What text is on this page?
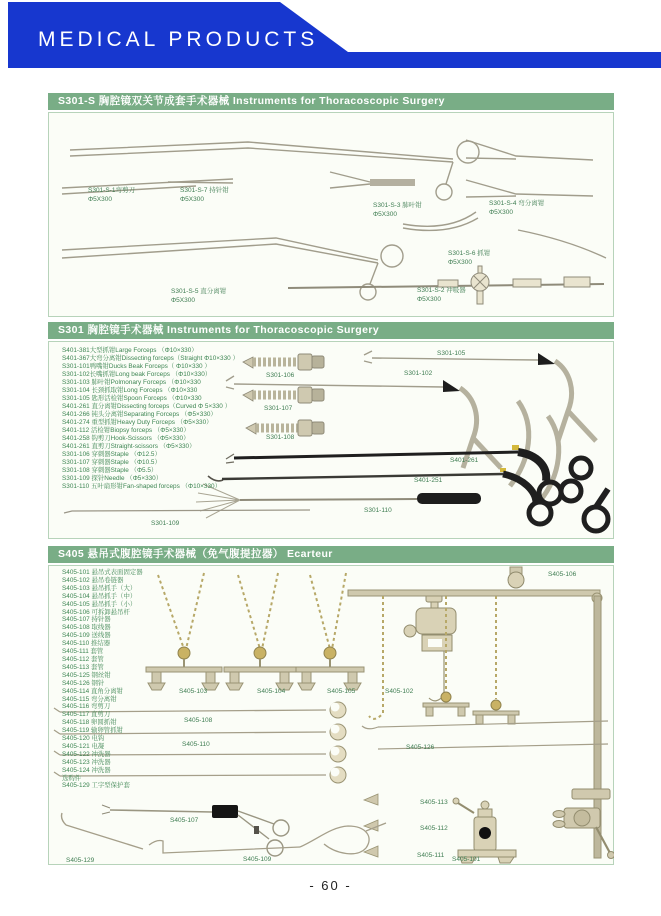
MEDICAL PRODUCTS
S301-S 胸腔镜双关节成套手术器械 Instruments for Thoracoscopic Surgery
S301-S-1弯剪刀
Φ5X300
S301-S-7 持针钳
Φ5X300
S301-S-3 肺叶钳
Φ5X300
S301-S-4 弯分离钳
Φ5X300
S301-S-5 直分离钳
Φ5X300
S301-S-6 抓钳
Φ5X300
S301-S-2 冲吸器
Φ5X300
S301 胸腔镜手术器械 Instruments for Thoracoscopic Surgery
S401-381大型抓钳Large Forceps （Φ10×330）
S401-367大弯分离钳Dissecting forceps（Straight Φ10×330 ）
S301-101鸭嘴钳Ducks Beak Forceps（ Φ10×330 ）
S301-102长嘴抓钳Long beak Forceps （Φ10×330）
S301-103 肺叶钳Polmonary Forceps （Φ10×330
S301-104 长颈抓取钳Long Forceps （Φ10×330
S301-105 匙形活检钳Spoon Forceps （Φ10×330
S401-261 直分离钳Dissecting forceps（Curved Φ 5×330 ）
S401-266 钝头分离钳Separating Forceps （Φ5×330）
S401-274 重型抓钳Heavy Duty Forceps （Φ5×330）
S401-112 活检钳Biopsy forceps （Φ5×330）
S401-258 钩剪刀Hook-Scissors （Φ5×330）
S401-261 直剪刀Straight-scissors （Φ5×330）
S301-106 穿刺器Staple （Φ12.5）
S301-107 穿刺器Staple （Φ10.5）
S301-108 穿刺器Staple （Φ5.5）
S301-109 探针Needle （Φ5×330）
S301-110 五叶扇形钳Fan-shaped forceps （Φ10×330）
S301-106
S301-107
S301-108
S301-105
S301-102
S401-261
S401-251
S301-110
S301-109
S405 悬吊式腹腔镜手术器械（免气腹提拉器） Ecarteur
S405-101 悬吊式表面固定器
S405-102 悬吊卷链器
S405-103 悬吊抓手（大）
S405-104 悬吊抓手（中）
S405-105 悬吊抓手（小）
S405-106 可拆卸悬吊杆
S405-107 持针器
S405-108 取线器
S405-109 送线器
S405-110 推结器
S405-111 套管
S405-112 套管
S405-113 套管
S405-125 钢丝钳
S405-126 钢针
S405-114 直角分离钳
S405-115 弯分离钳
S405-116 弯剪刀
S405-117 直剪刀
S405-118 卵圆抓钳
S405-119 输卵管抓钳
S405-120 电钩
S405-121 电凝
S405-122 冲洗器
S405-123 冲洗器
S405-124 冲洗器
选购件
S405-129 工字型保护套
S405-103	S405-104	S405-105	S405-102
S405-106
S405-108
S405-110	S405-126
S405-113
S405-112
S405-111
S405-101
S405-107
S405-129	S405-109
- 60 -
